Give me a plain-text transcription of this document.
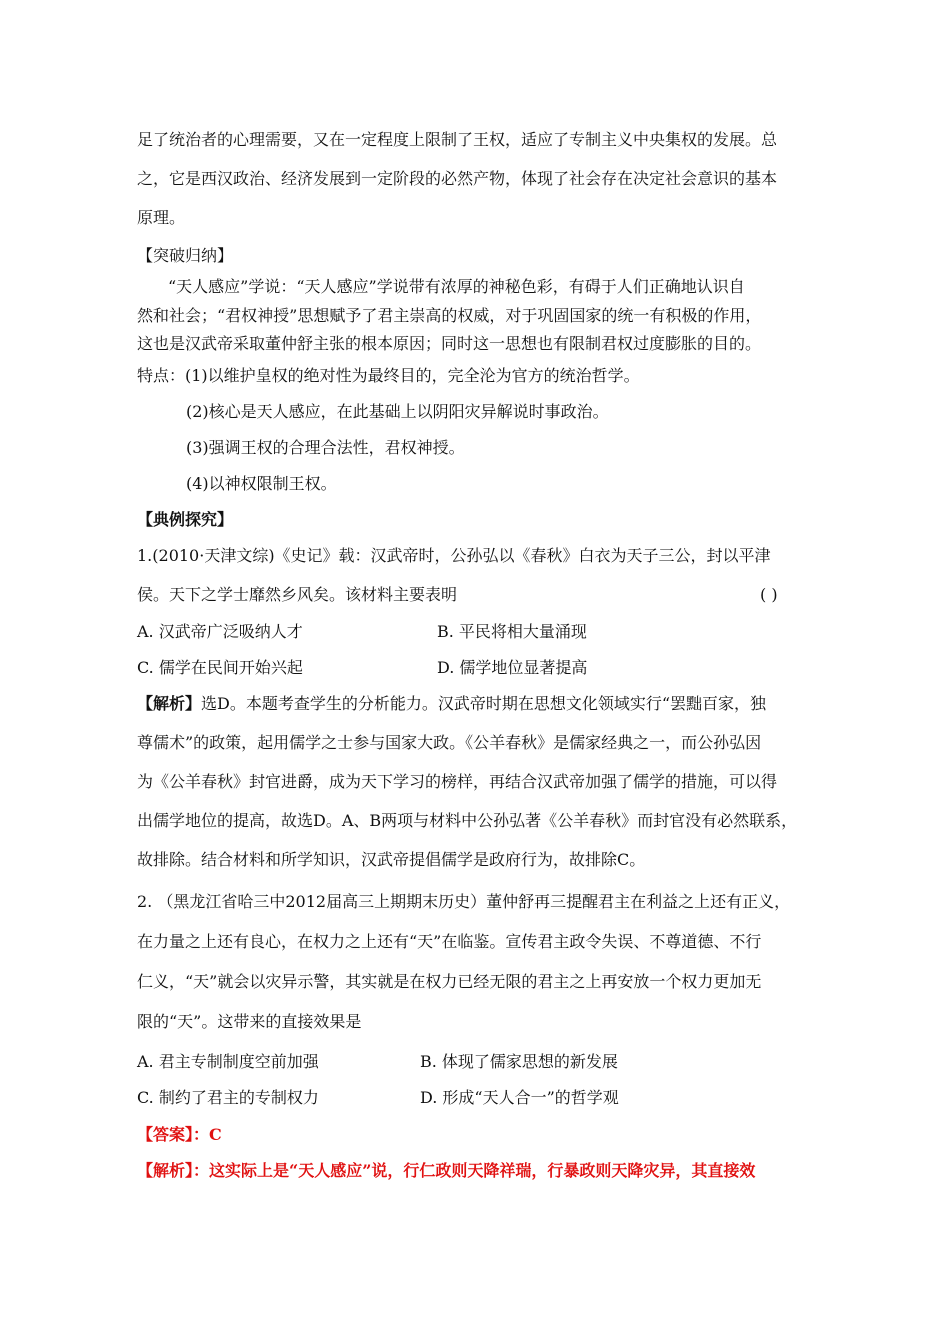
足了统治者的心理需要，又在一定程度上限制了王权，适应了专制主义中央集权的发展。总
之，它是西汉政治、经济发展到一定阶段的必然产物，体现了社会存在决定社会意识的基本
原理。
【突破归纳】
“天人感应”学说：“天人感应”学说带有浓厚的神秘色彩，有碍于人们正确地认识自
然和社会；“君权神授”思想赋予了君主崇高的权威，对于巩固国家的统一有积极的作用，
这也是汉武帝采取董仲舒主张的根本原因；同时这一思想也有限制君权过度膨胀的目的。
特点：(1)以维护皇权的绝对性为最终目的，完全沦为官方的统治哲学。
(2)核心是天人感应，在此基础上以阴阳灾异解说时事政治。
(3)强调王权的合理合法性，君权神授。
(4)以神权限制王权。
【典例探究】
1.(2010·天津文综)《史记》载：汉武帝时，公孙弘以《春秋》白衣为天子三公，封以平津
侯。天下之学士靡然乡风矣。该材料主要表明	( )
A. 汉武帝广泛吸纳人才	B. 平民将相大量涌现
C. 儒学在民间开始兴起	D. 儒学地位显著提高
【解析】选D。本题考查学生的分析能力。汉武帝时期在思想文化领域实行“罢黜百家，独
尊儒术”的政策，起用儒学之士参与国家大政。《公羊春秋》是儒家经典之一，而公孙弘因
为《公羊春秋》封官进爵，成为天下学习的榜样，再结合汉武帝加强了儒学的措施，可以得
出儒学地位的提高，故选D。A、B两项与材料中公孙弘著《公羊春秋》而封官没有必然联系，
故排除。结合材料和所学知识，汉武帝提倡儒学是政府行为，故排除C。
2. （黑龙江省哈三中2012届高三上期期末历史）董仲舒再三提醒君主在利益之上还有正义，
在力量之上还有良心，在权力之上还有“天”在临鉴。宣传君主政令失误、不尊道德、不行
仁义，“天”就会以灾异示警，其实就是在权力已经无限的君主之上再安放一个权力更加无
限的“天”。这带来的直接效果是
A. 君主专制制度空前加强	B. 体现了儒家思想的新发展
C. 制约了君主的专制权力	D. 形成“天人合一”的哲学观
【答案】：C
【解析】：这实际上是“天人感应”说，行仁政则天降祥瑞，行暴政则天降灾异，其直接效
